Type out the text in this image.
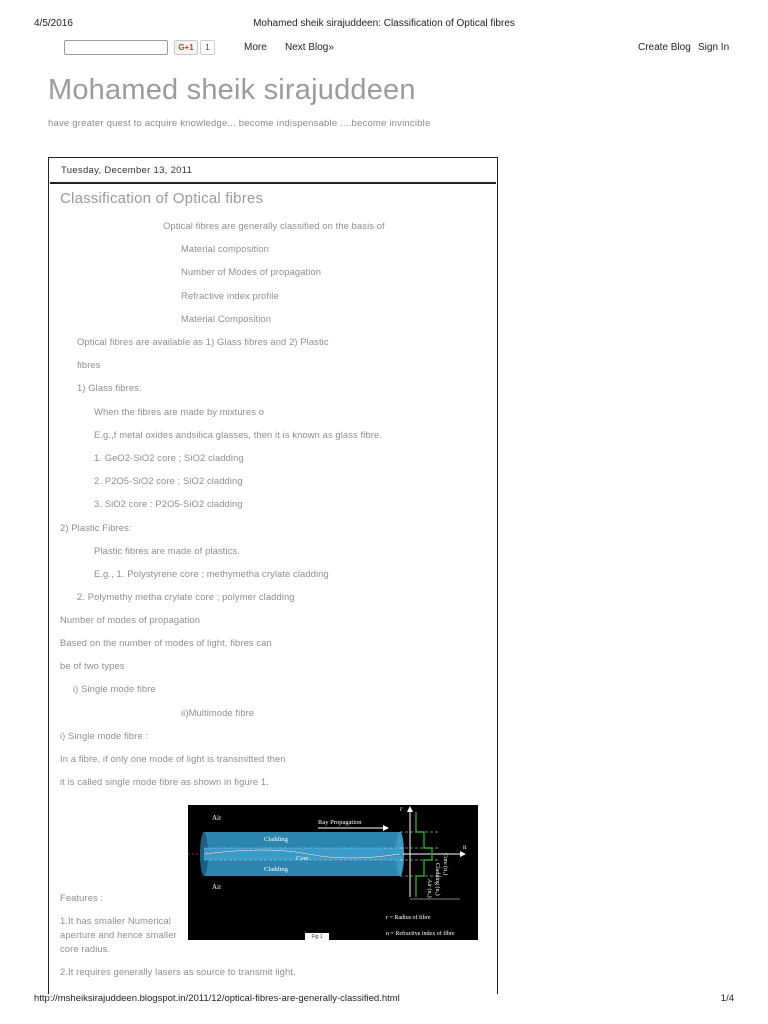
4/5/2016	Mohamed sheik sirajuddeen: Classification of Optical fibres
G+1	1	More Next Blog»	Create Blog Sign In
Mohamed sheik sirajuddeen
have greater quest to acquire knowledge... become indispensable ....become invincible
Tuesday, December 13, 2011
Classification of Optical fibres
Optical fibres are generally classified on the basis of
Material composition
Number of Modes of propagation
Refractive index profile
Material Composition
Optical fibres are available as 1) Glass fibres and 2) Plastic
fibres
1) Glass fibres:
When the fibres are made by mixtures o
E.g.,f metal oxides andsilica glasses, then it is known as glass fibre.
1. GeO2-SiO2 core ; SiO2 cladding
2. P2O5-SiO2 core ; SiO2 cladding
3. SiO2 core : P2O5-SiO2 cladding
2) Plastic Fibres:
Plastic fibres are made of plastics.
E.g., 1. Polystyrene core ; methymetha crylate cladding
2. Polymethy metha crylate core ; polymer cladding
Number of modes of propagation
Based on the number of modes of light, fibres can
be of two types
i) Single mode fibre
ii)Multimode fibre
i) Single mode fibre :
In a fibre, if only one mode of light is transmitted then
it is called single mode fibre as shown in figure 1.
Features :
1.It has smaller Numerical
aperture and hence smaller
core radius.
2.It requires generally lasers as source to transmit light.
Air
Air
Ray Propagation
Cladding
Core
Cladding
r
n
Core (n₁)
Cladding (n₂)
Air (n₀)
r = Radius of fibre
n = Refractive index of fibre
Fig 1
http://msheiksirajuddeen.blogspot.in/2011/12/optical-fibres-are-generally-classified.html	1/4
